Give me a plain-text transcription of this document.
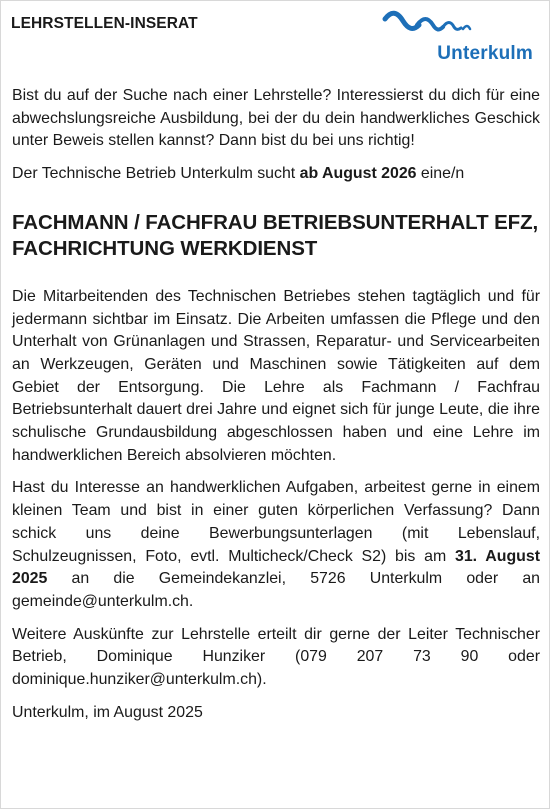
LEHRSTELLEN-INSERAT
Unterkulm

Bist du auf der Suche nach einer Lehrstelle? Interessierst du dich für eine abwechslungsreiche Ausbildung, bei der du dein handwerkliches Geschick unter Beweis stellen kannst? Dann bist du bei uns richtig!

Der Technische Betrieb Unterkulm sucht ab August 2026 eine/n

FACHMANN / FACHFRAU BETRIEBSUNTERHALT EFZ,
FACHRICHTUNG WERKDIENST

Die Mitarbeitenden des Technischen Betriebes stehen tagtäglich und für jedermann sichtbar im Einsatz. Die Arbeiten umfassen die Pflege und den Unterhalt von Grünanlagen und Strassen, Reparatur- und Servicearbeiten an Werkzeugen, Geräten und Maschinen sowie Tätigkeiten auf dem Gebiet der Entsorgung. Die Lehre als Fachmann / Fachfrau Betriebsunterhalt dauert drei Jahre und eignet sich für junge Leute, die ihre schulische Grundausbildung abgeschlossen haben und eine Lehre im handwerklichen Bereich absolvieren möchten.

Hast du Interesse an handwerklichen Aufgaben, arbeitest gerne in einem kleinen Team und bist in einer guten körperlichen Verfassung? Dann schick uns deine Bewerbungsunterlagen (mit Lebenslauf, Schulzeugnissen, Foto, evtl. Multicheck/Check S2) bis am 31. August 2025 an die Gemeindekanzlei, 5726 Unterkulm oder an gemeinde@unterkulm.ch.

Weitere Auskünfte zur Lehrstelle erteilt dir gerne der Leiter Technischer Betrieb, Dominique Hunziker (079 207 73 90 oder dominique.hunziker@unterkulm.ch).

Unterkulm, im August 2025
